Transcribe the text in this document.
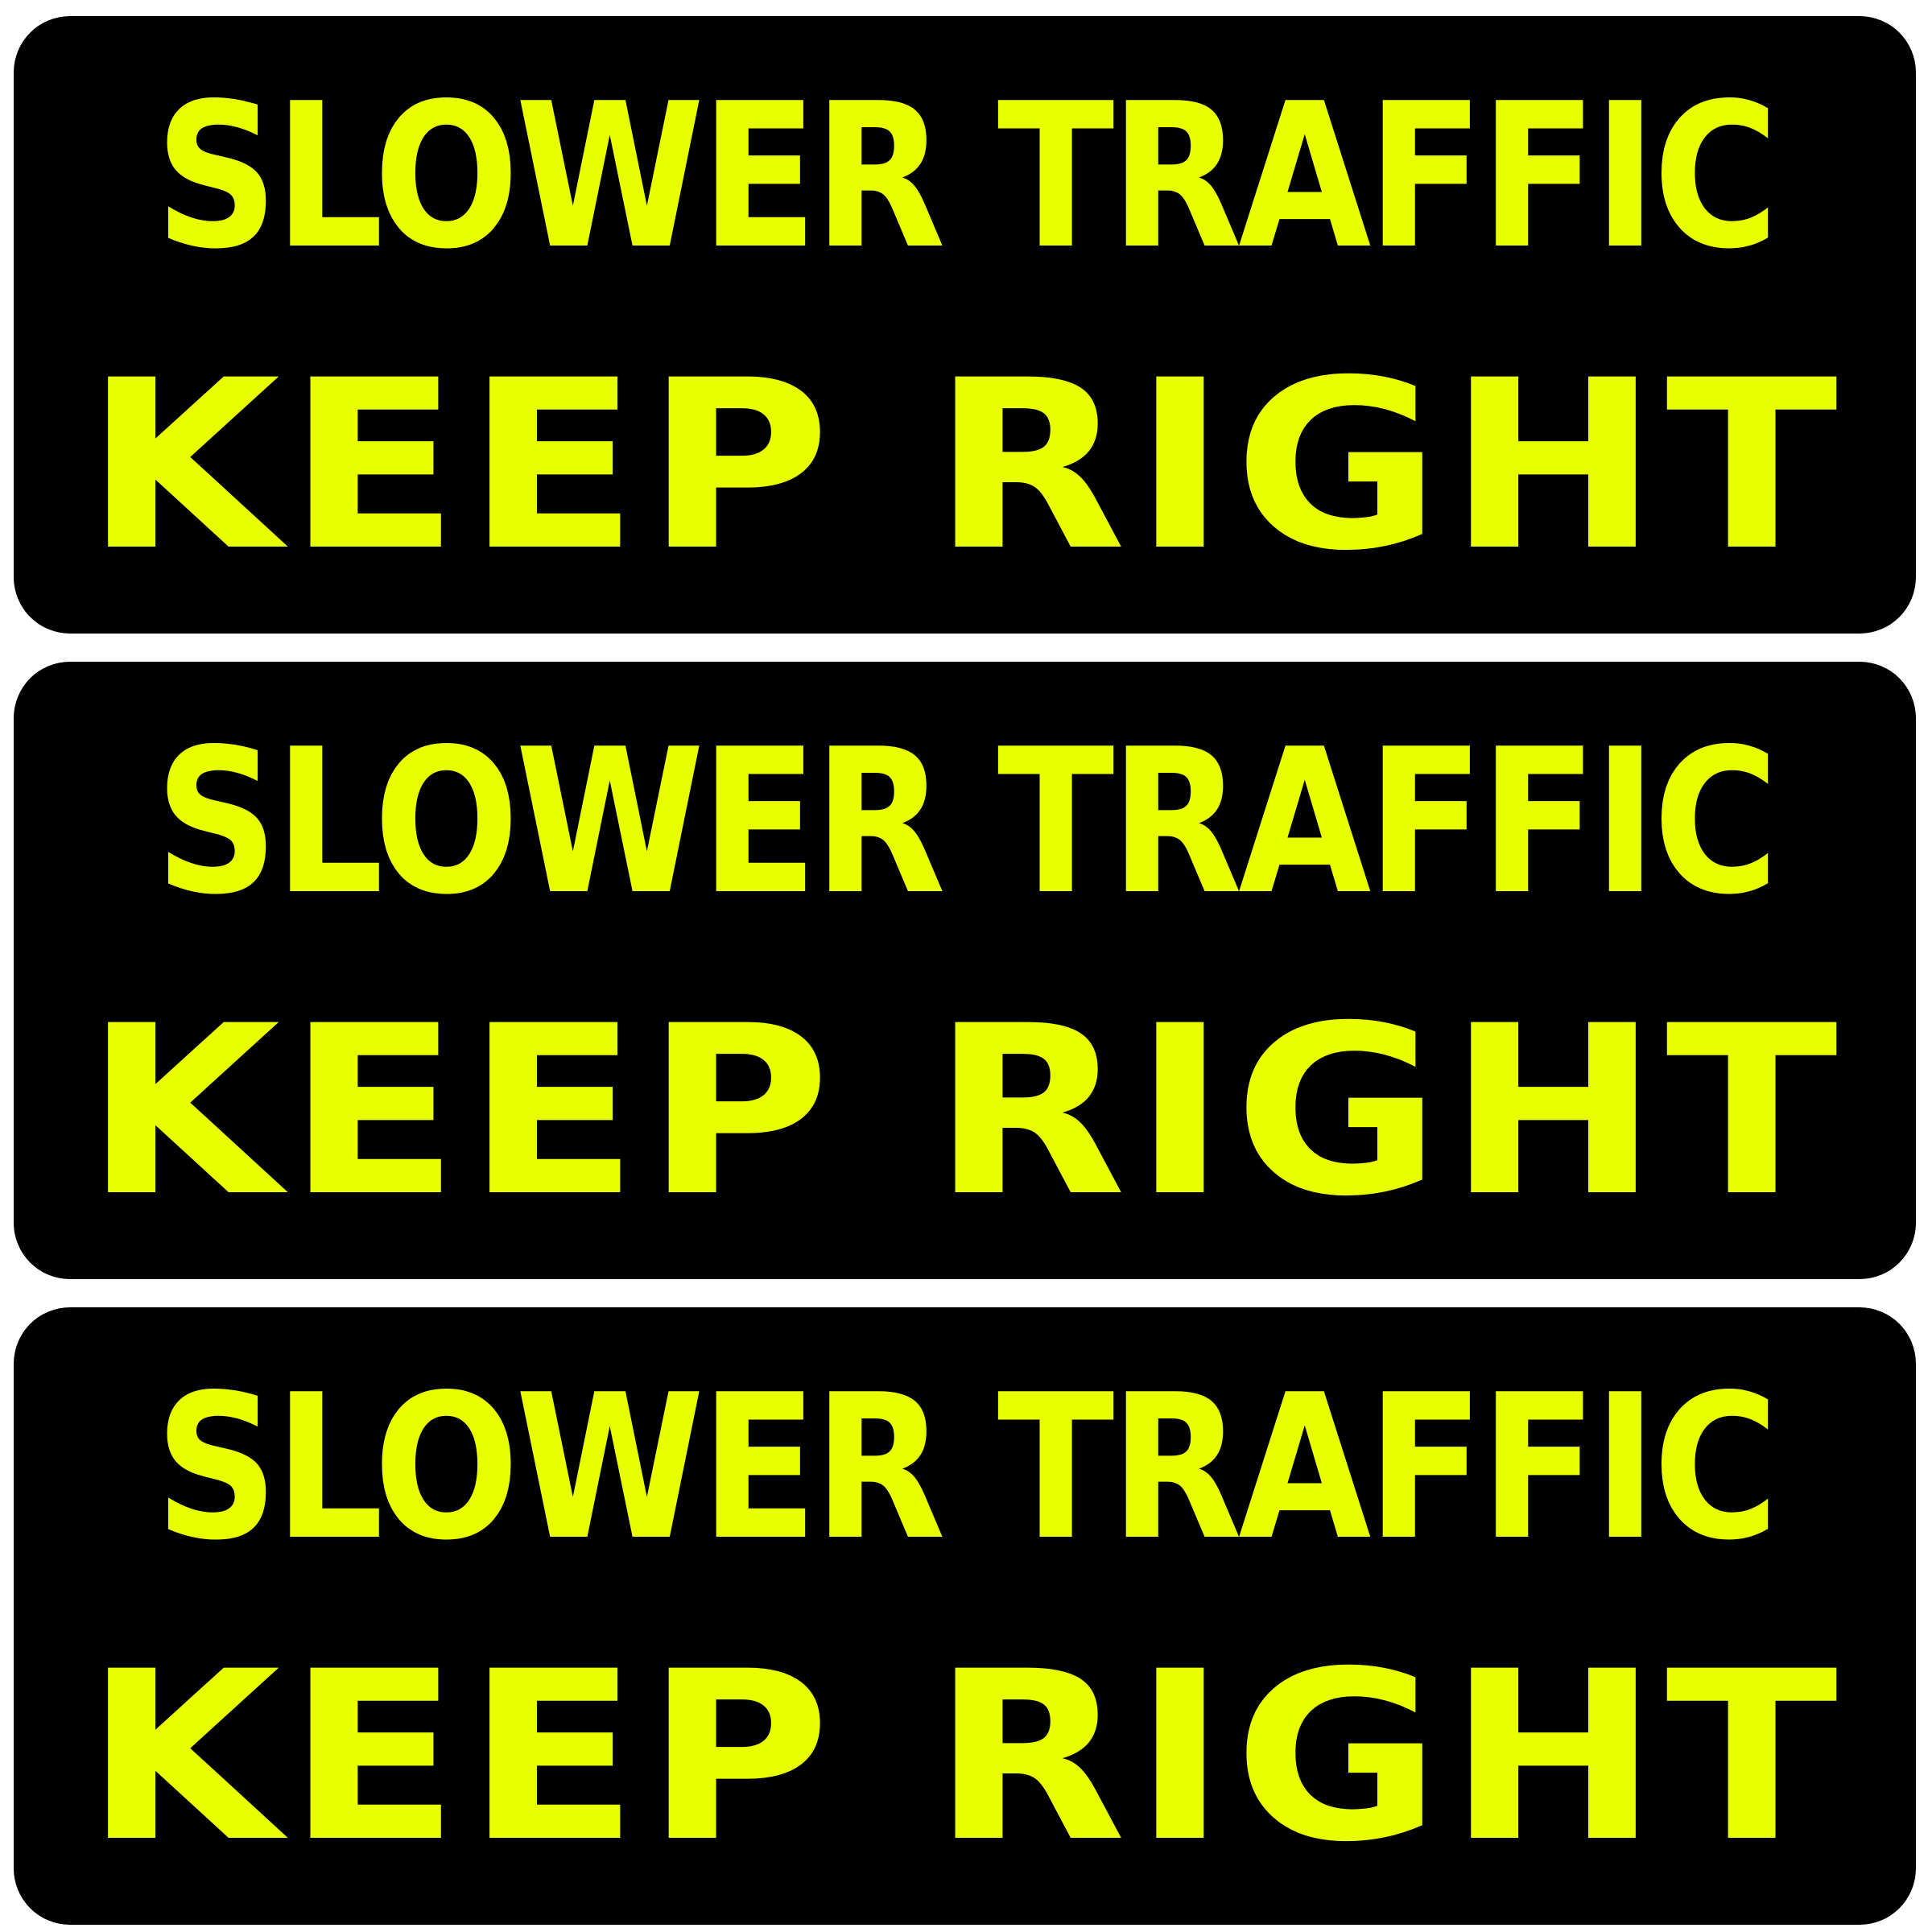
SLOWER TRAFFIC
KEEP RIGHT
SLOWER TRAFFIC
KEEP RIGHT
SLOWER TRAFFIC
KEEP RIGHT
